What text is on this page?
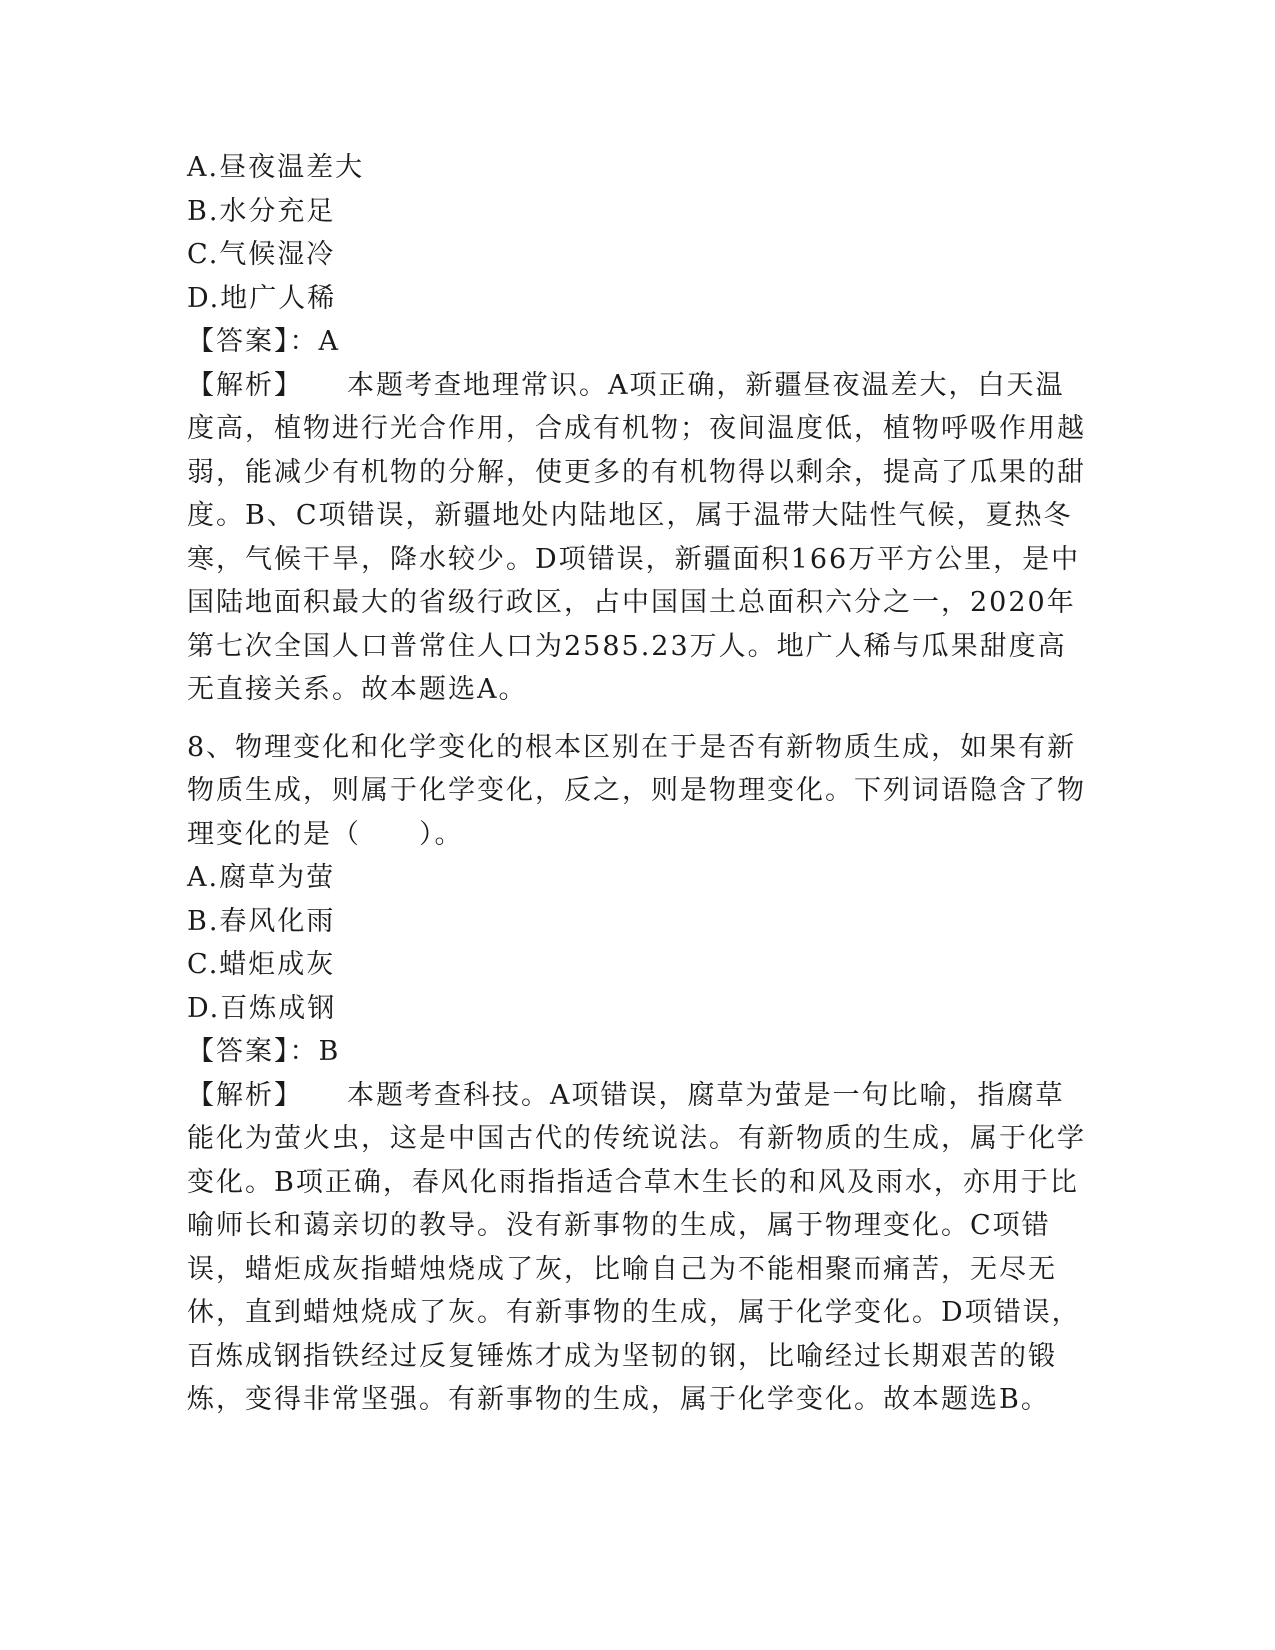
A.昼夜温差大
B.水分充足
C.气候湿冷
D.地广人稀
【答案】：A
【解析】 本题考查地理常识。A项正确，新疆昼夜温差大，白天温度高，植物进行光合作用，合成有机物；夜间温度低，植物呼吸作用越弱，能减少有机物的分解，使更多的有机物得以剩余，提高了瓜果的甜度。B、C项错误，新疆地处内陆地区，属于温带大陆性气候，夏热冬寒，气候干旱，降水较少。D项错误，新疆面积166万平方公里，是中国陆地面积最大的省级行政区，占中国国土总面积六分之一，2020年第七次全国人口普常住人口为2585.23万人。地广人稀与瓜果甜度高无直接关系。故本题选A。
8、物理变化和化学变化的根本区别在于是否有新物质生成，如果有新物质生成，则属于化学变化，反之，则是物理变化。下列词语隐含了物理变化的是（　　）。
A.腐草为萤
B.春风化雨
C.蜡炬成灰
D.百炼成钢
【答案】：B
【解析】 本题考查科技。A项错误，腐草为萤是一句比喻，指腐草能化为萤火虫，这是中国古代的传统说法。有新物质的生成，属于化学变化。B项正确，春风化雨指指适合草木生长的和风及雨水，亦用于比喻师长和蔼亲切的教导。没有新事物的生成，属于物理变化。C项错误，蜡炬成灰指蜡烛烧成了灰，比喻自己为不能相聚而痛苦，无尽无休，直到蜡烛烧成了灰。有新事物的生成，属于化学变化。D项错误，百炼成钢指铁经过反复锤炼才成为坚韧的钢，比喻经过长期艰苦的锻炼，变得非常坚强。有新事物的生成，属于化学变化。故本题选B。
